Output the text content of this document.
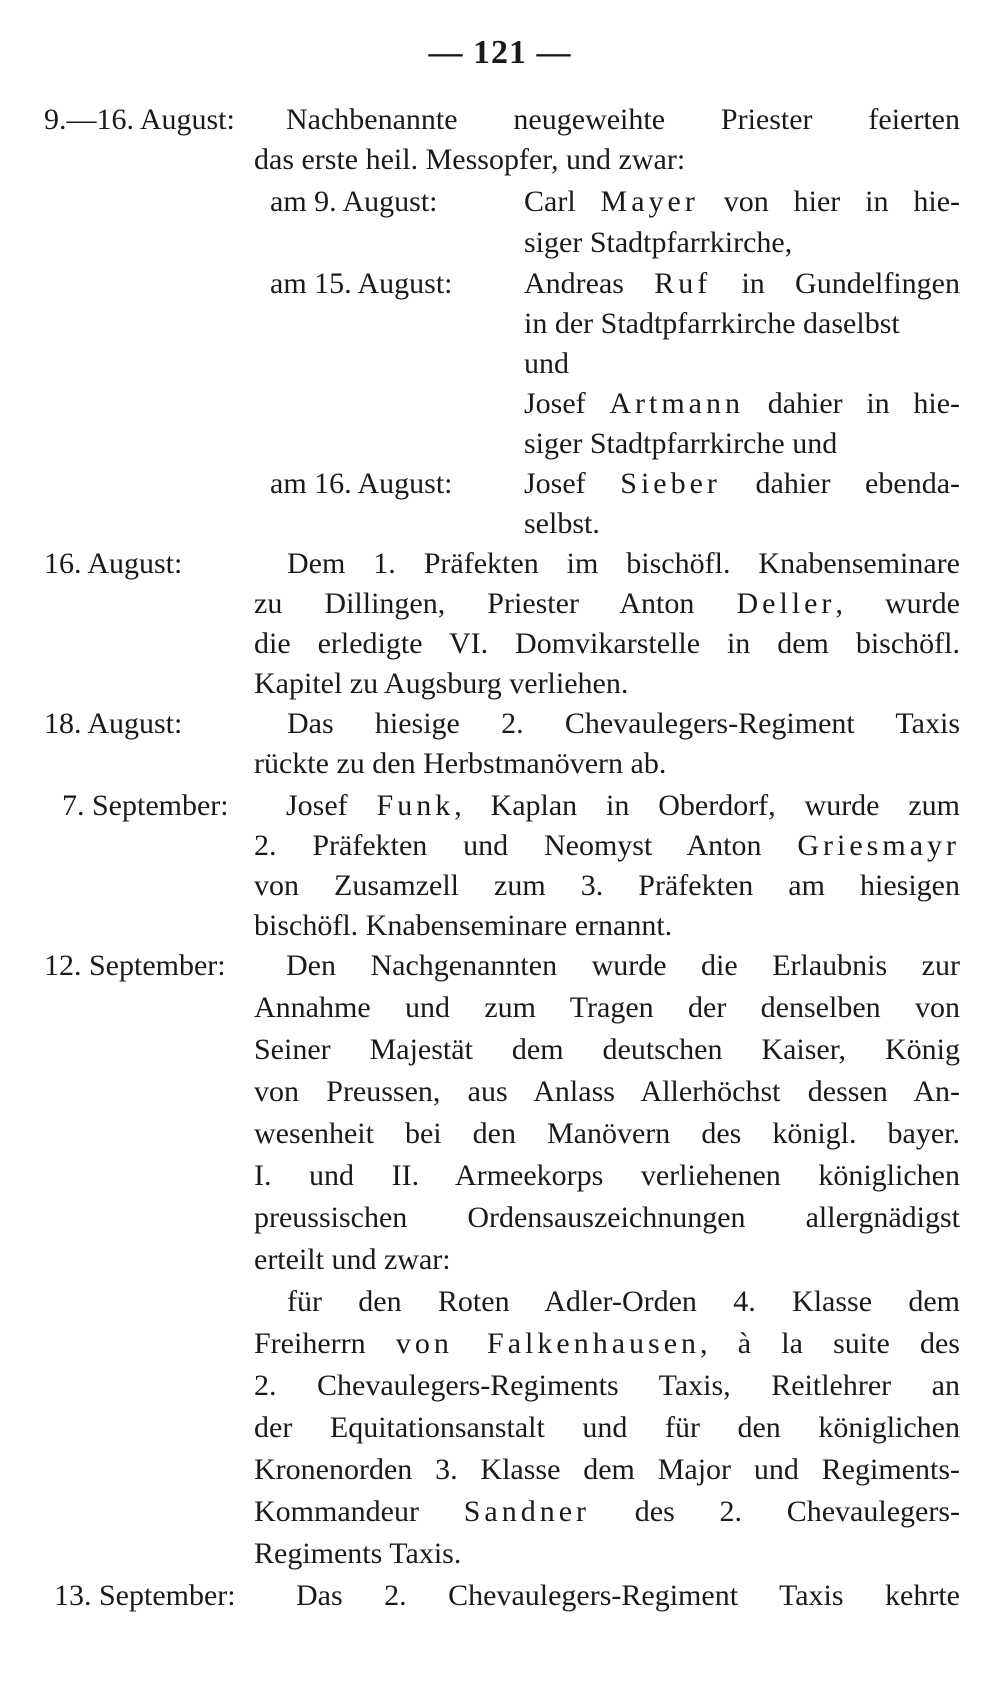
— 121 —
9.—16. August: Nachbenannte neugeweihte Priester feierten
das erste heil. Messopfer, und zwar:
am 9. August:	Carl Mayer von hier in hie-
siger Stadtpfarrkirche,
am 15. August: Andreas Ruf in Gundelfingen
in der Stadtpfarrkirche daselbst
und
Josef Artmann dahier in hie-
siger Stadtpfarrkirche und
am 16. August: Josef Sieber dahier ebenda-
selbst.
16. August:	Dem 1. Präfekten im bischöfl. Knabenseminare
zu Dillingen, Priester Anton Deller, wurde
die erledigte VI. Domvikarstelle in dem bischöfl.
Kapitel zu Augsburg verliehen.
18. August:	Das hiesige 2. Chevaulegers-Regiment Taxis
rückte zu den Herbstmanövern ab.
7. September: Josef Funk, Kaplan in Oberdorf, wurde zum
2. Präfekten und Neomyst Anton Griesmayr
von Zusamzell zum 3. Präfekten am hiesigen
bischöfl. Knabenseminare ernannt.
12. September: Den Nachgenannten wurde die Erlaubnis zur
Annahme und zum Tragen der denselben von
Seiner Majestät dem deutschen Kaiser, König
von Preussen, aus Anlass Allerhöchst dessen An-
wesenheit bei den Manövern des königl. bayer.
I. und II. Armeekorps verliehenen königlichen
preussischen Ordensauszeichnungen allergnädigst
erteilt und zwar:
für den Roten Adler-Orden 4. Klasse dem
Freiherrn von Falkenhausen, à la suite des
2. Chevaulegers-Regiments Taxis, Reitlehrer an
der Equitationsanstalt und für den königlichen
Kronenorden 3. Klasse dem Major und Regiments-
Kommandeur Sandner des 2. Chevaulegers-
Regiments Taxis.
13. September: Das 2. Chevaulegers-Regiment Taxis kehrte
